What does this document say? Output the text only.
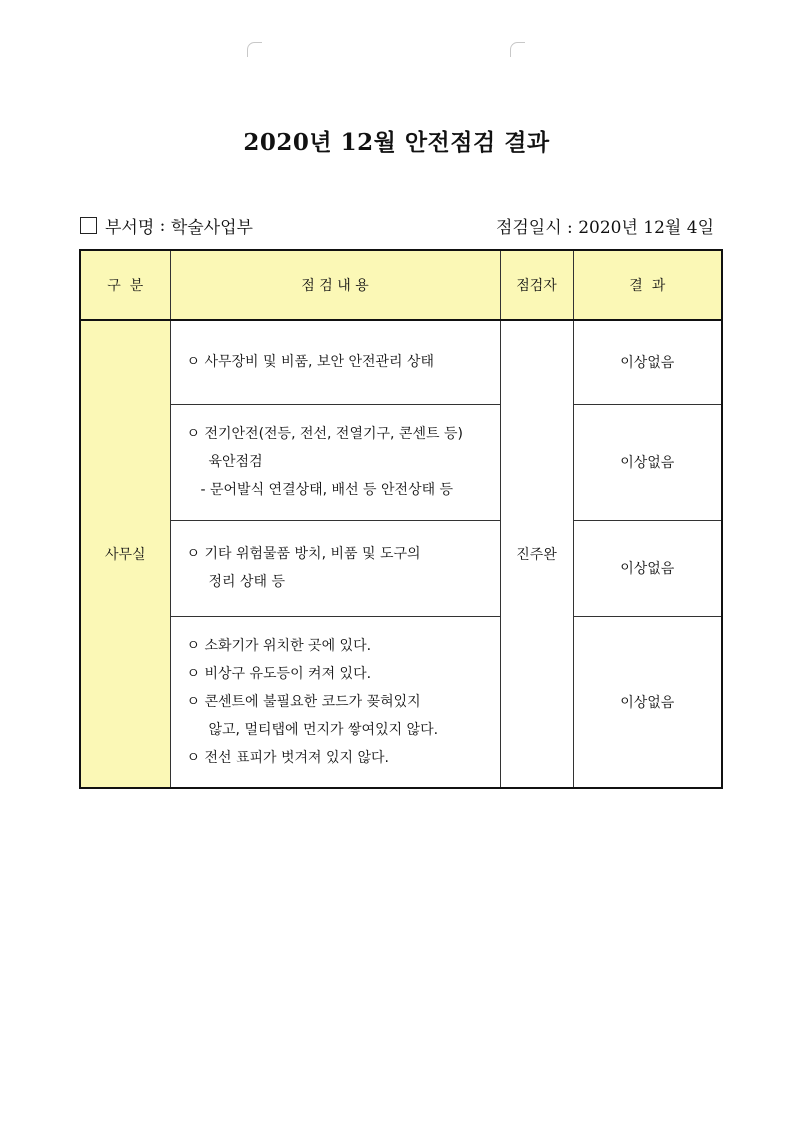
2020년 12월 안전점검 결과
부서명 : 학술사업부	점검일시 : 2020년 12월 4일
구  분	점 검 내 용	점검자	결  과
사무실	ㅇ 사무장비 및 비품, 보안 안전관리 상태	진주완	이상없음

	ㅇ 전기안전(전등, 전선, 전열기구, 콘센트 등)
육안점검
- 문어발식 연결상태, 배선 등 안전상태 등		이상없음

	ㅇ 기타 위험물품 방치, 비품 및 도구의
정리 상태 등		이상없음

	ㅇ 소화기가 위치한 곳에 있다.
ㅇ 비상구 유도등이 켜져 있다.
ㅇ 콘센트에 불필요한 코드가 꽂혀있지
않고, 멀티탭에 먼지가 쌓여있지 않다.
ㅇ 전선 표피가 벗겨져 있지 않다.		이상없음
